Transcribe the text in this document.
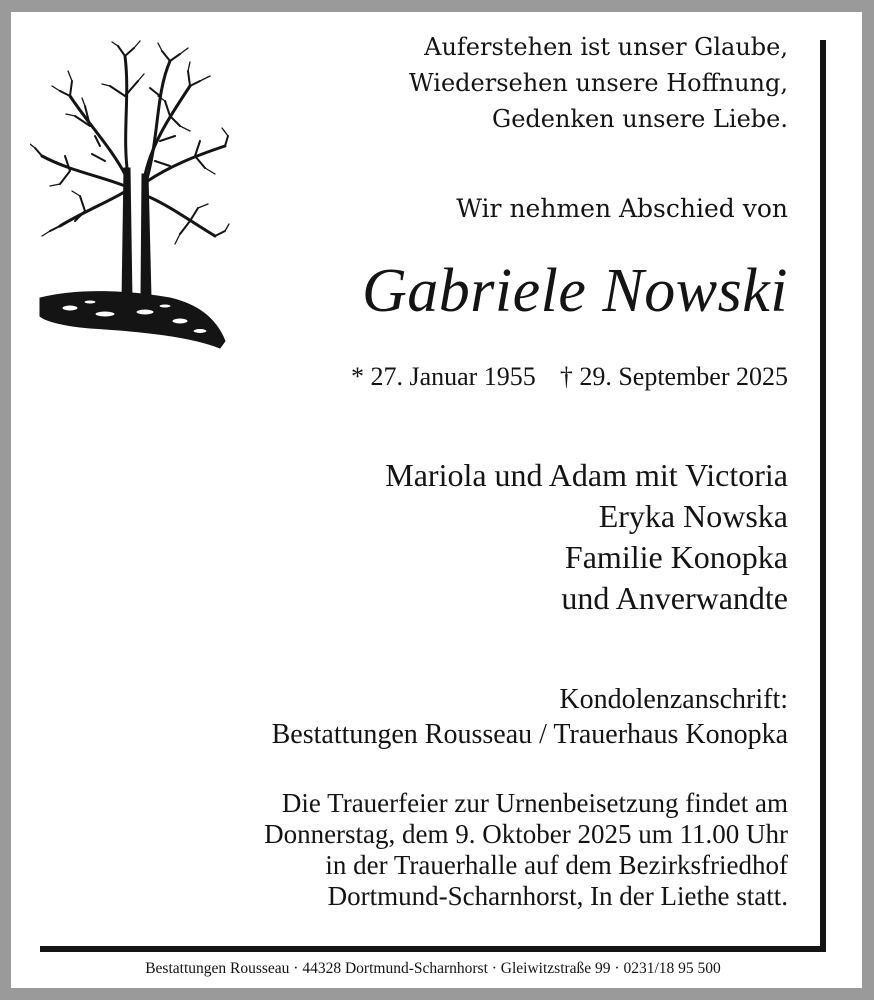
Auferstehen ist unser Glaube,
Wiedersehen unsere Hoffnung,
Gedenken unsere Liebe.
Wir nehmen Abschied von
Gabriele Nowski
* 27. Januar 1955 † 29. September 2025
Mariola und Adam mit Victoria
Eryka Nowska
Familie Konopka
und Anverwandte
Kondolenzanschrift:
Bestattungen Rousseau / Trauerhaus Konopka
Die Trauerfeier zur Urnenbeisetzung findet am
Donnerstag, dem 9. Oktober 2025 um 11.00 Uhr
in der Trauerhalle auf dem Bezirksfriedhof
Dortmund-Scharnhorst, In der Liethe statt.
Bestattungen Rousseau · 44328 Dortmund-Scharnhorst · Gleiwitzstraße 99 · 0231/18 95 500
